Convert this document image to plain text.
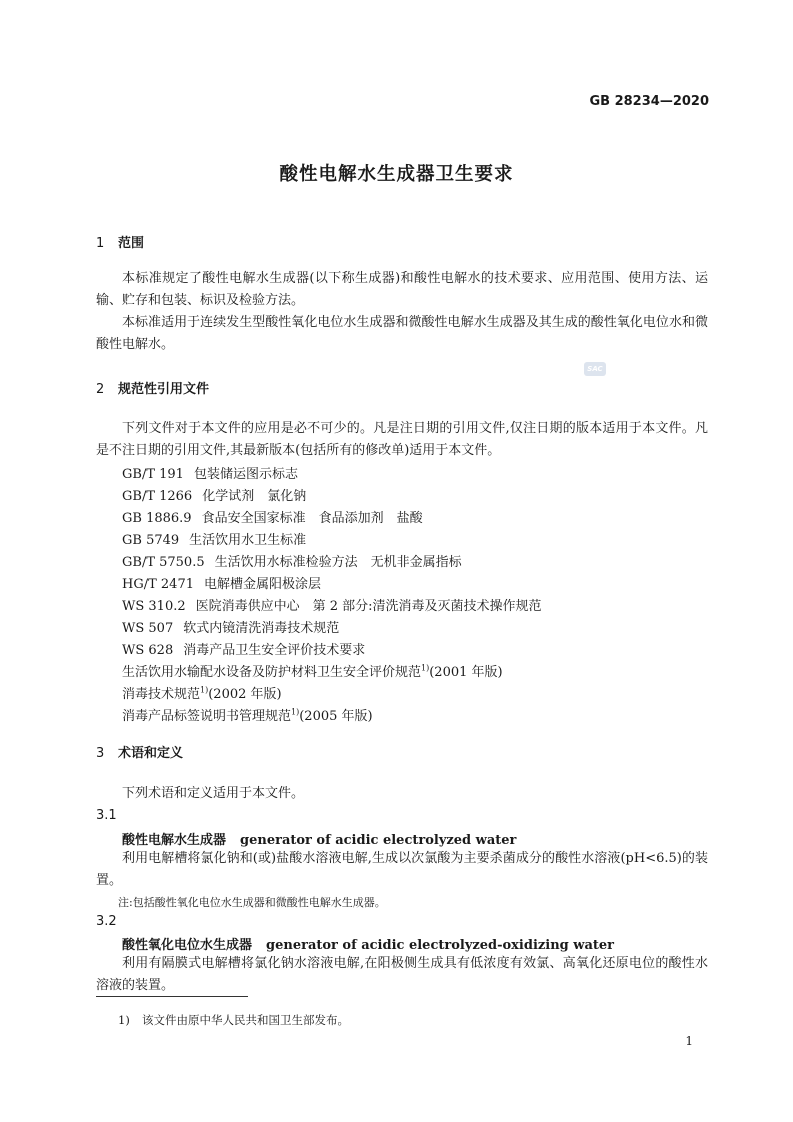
GB 28234—2020
酸性电解水生成器卫生要求
1 范围
本标准规定了酸性电解水生成器(以下称生成器)和酸性电解水的技术要求、应用范围、使用方法、运输、贮存和包装、标识及检验方法。
本标准适用于连续发生型酸性氧化电位水生成器和微酸性电解水生成器及其生成的酸性氧化电位水和微酸性电解水。
SAC
2 规范性引用文件
下列文件对于本文件的应用是必不可少的。凡是注日期的引用文件,仅注日期的版本适用于本文件。凡是不注日期的引用文件,其最新版本(包括所有的修改单)适用于本文件。
GB/T 191 包装储运图示标志
GB/T 1266 化学试剂　氯化钠
GB 1886.9 食品安全国家标准　食品添加剂　盐酸
GB 5749 生活饮用水卫生标准
GB/T 5750.5 生活饮用水标准检验方法　无机非金属指标
HG/T 2471 电解槽金属阳极涂层
WS 310.2 医院消毒供应中心　第 2 部分:清洗消毒及灭菌技术操作规范
WS 507 软式内镜清洗消毒技术规范
WS 628 消毒产品卫生安全评价技术要求
生活饮用水输配水设备及防护材料卫生安全评价规范$^{1)}$(2001 年版)
消毒技术规范$^{1)}$(2002 年版)
消毒产品标签说明书管理规范$^{1)}$(2005 年版)
3 术语和定义
下列术语和定义适用于本文件。
3.1
酸性电解水生成器 generator of acidic electrolyzed water
利用电解槽将氯化钠和(或)盐酸水溶液电解,生成以次氯酸为主要杀菌成分的酸性水溶液(pH<6.5)的装置。
注:包括酸性氧化电位水生成器和微酸性电解水生成器。
3.2
酸性氧化电位水生成器 generator of acidic electrolyzed-oxidizing water
利用有隔膜式电解槽将氯化钠水溶液电解,在阳极侧生成具有低浓度有效氯、高氧化还原电位的酸性水溶液的装置。
1) 该文件由原中华人民共和国卫生部发布。
1
